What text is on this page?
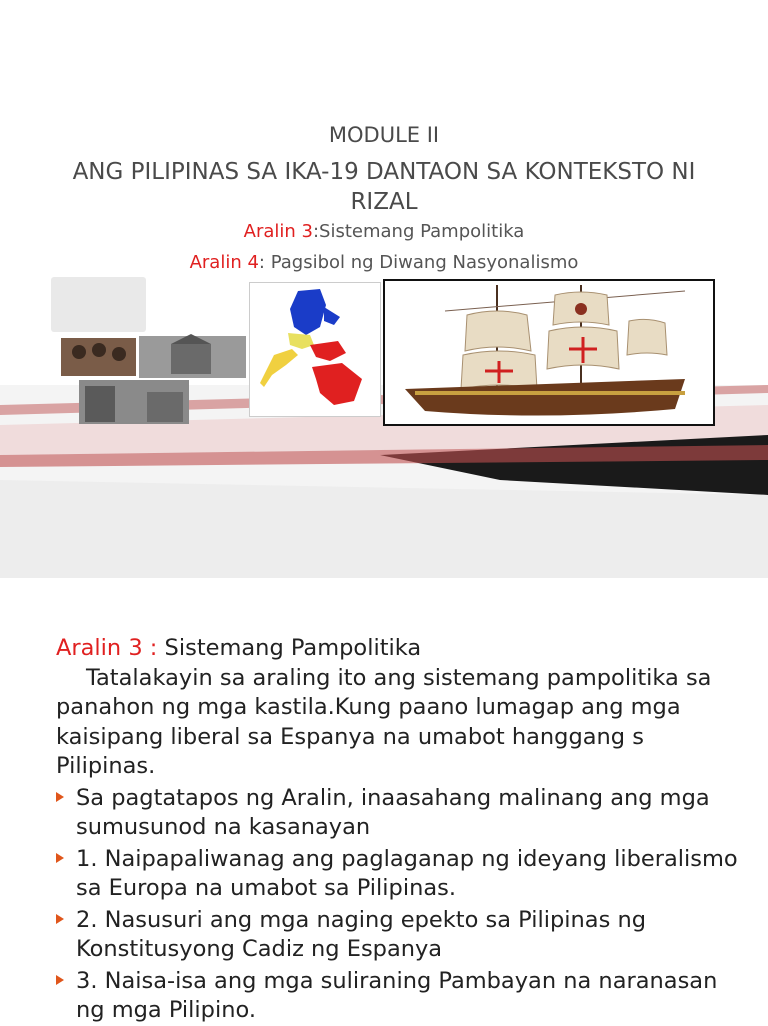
MODULE II
ANG PILIPINAS SA IKA-19 DANTAON SA KONTEKSTO NI RIZAL
Aralin 3:Sistemang Pampolitika
Aralin 4: Pagsibol ng Diwang Nasyonalismo

Aralin 3 : Sistemang Pampolitika

Tatalakayin sa araling ito ang sistemang pampolitika sa panahon ng mga kastila.Kung paano lumagap ang mga kaisipang liberal sa Espanya na umabot hanggang s Pilipinas.

Sa pagtatapos ng Aralin, inaasahang malinang ang mga sumusunod na kasanayan
1. Naipapaliwanag ang paglaganap ng ideyang liberalismo sa Europa na umabot sa Pilipinas.
2. Nasusuri ang mga naging epekto sa Pilipinas ng Konstitusyong Cadiz ng Espanya
3. Naisa-isa ang mga suliraning Pambayan na naranasan ng mga Pilipino.
